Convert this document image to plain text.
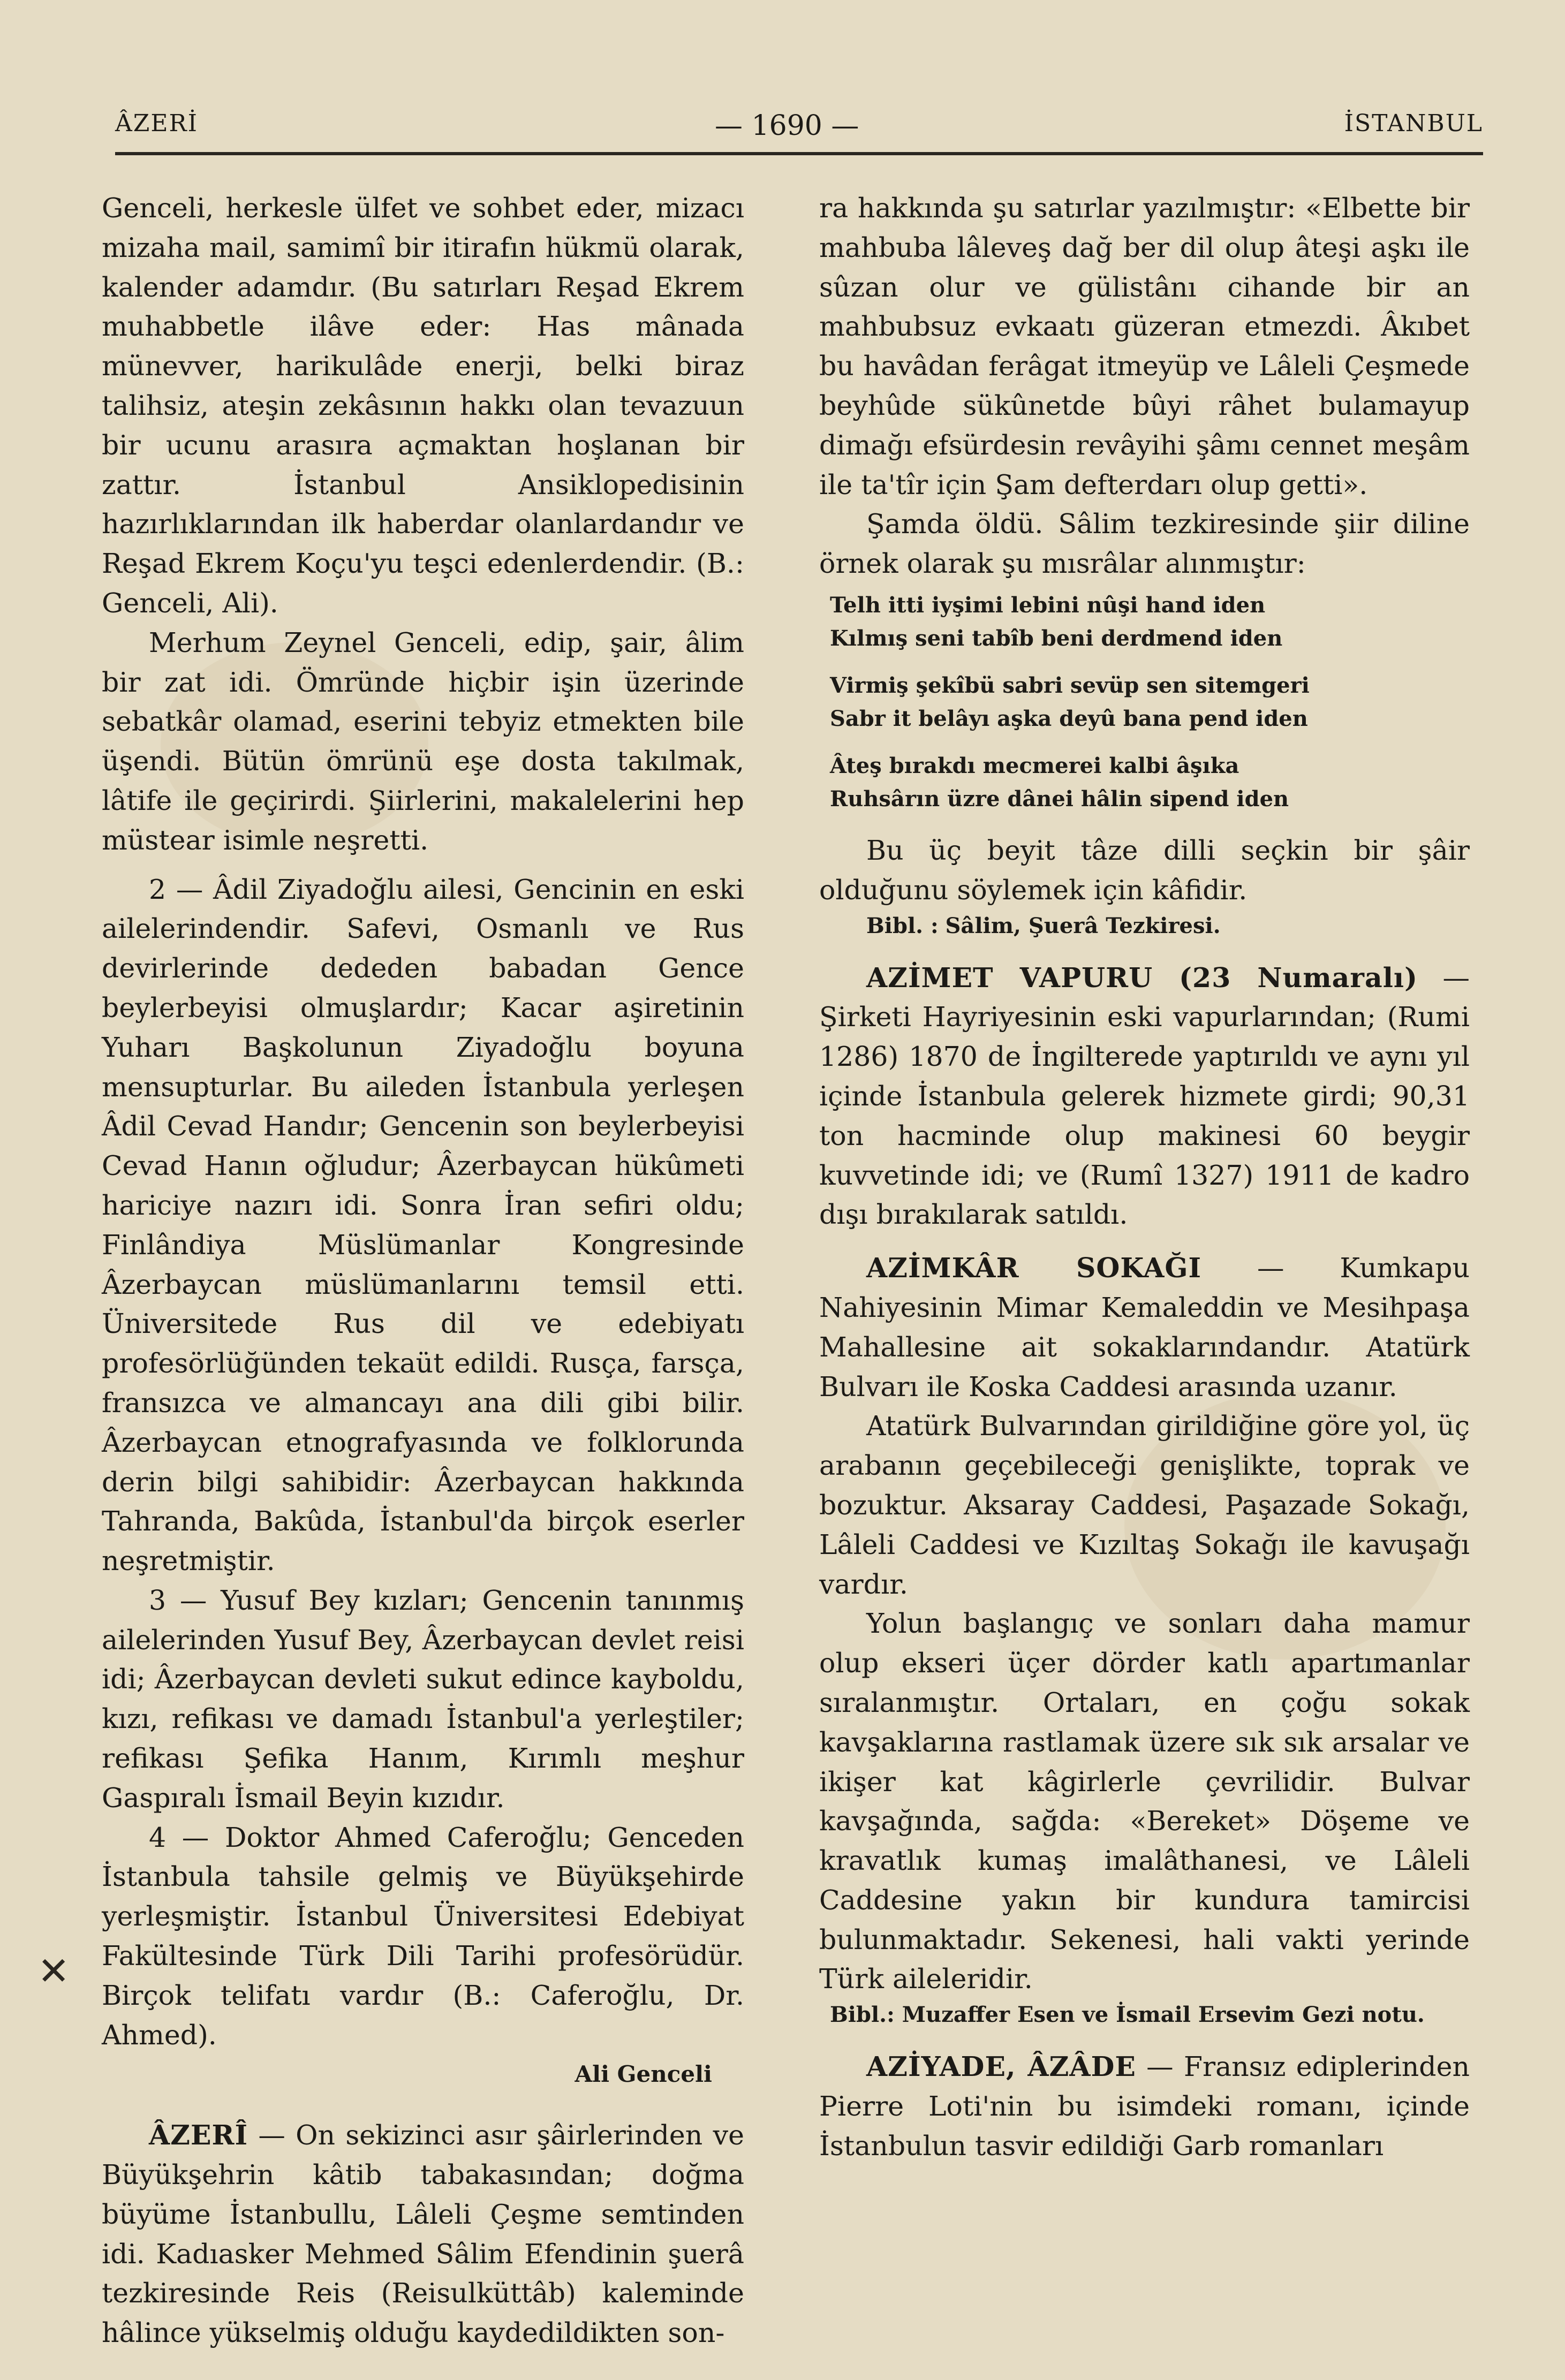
ÂZERİ	— 1690 —	İSTANBUL
✕

Genceli, herkesle ülfet ve sohbet eder, mizacı mizaha mail, samimî bir itirafın hükmü olarak, kalender adamdır. (Bu satırları Reşad Ekrem muhabbetle ilâve eder: Has mânada münevver, harikulâde enerji, belki biraz talihsiz, ateşin zekâsının hakkı olan tevazuun bir ucunu arasıra açmaktan hoşlanan bir zattır. İstanbul Ansiklopedisinin hazırlıklarından ilk haberdar olanlardandır ve Reşad Ekrem Koçu'yu teşci edenlerdendir. (B.: Genceli, Ali).

Merhum Zeynel Genceli, edip, şair, âlim bir zat idi. Ömründe hiçbir işin üzerinde sebatkâr olamad, eserini tebyiz etmekten bile üşendi. Bütün ömrünü eşe dosta takılmak, lâtife ile geçirirdi. Şiirlerini, makalelerini hep müstear isimle neşretti.

2 — Âdil Ziyadoğlu ailesi, Gencinin en eski ailelerindendir. Safevi, Osmanlı ve Rus devirlerinde dededen babadan Gence beylerbeyisi olmuşlardır; Kacar aşiretinin Yuharı Başkolunun Ziyadoğlu boyuna mensupturlar. Bu aileden İstanbula yerleşen Âdil Cevad Handır; Gencenin son beylerbeyisi Cevad Hanın oğludur; Âzerbaycan hükûmeti hariciye nazırı idi. Sonra İran sefiri oldu; Finlândiya Müslümanlar Kongresinde Âzerbaycan müslümanlarını temsil etti. Üniversitede Rus dil ve edebiyatı profesörlüğünden tekaüt edildi. Rusça, farsça, fransızca ve almancayı ana dili gibi bilir. Âzerbaycan etnografyasında ve folklorunda derin bilgi sahibidir: Âzerbaycan hakkında Tahranda, Bakûda, İstanbul'da birçok eserler neşretmiştir.

3 — Yusuf Bey kızları; Gencenin tanınmış ailelerinden Yusuf Bey, Âzerbaycan devlet reisi idi; Âzerbaycan devleti sukut edince kayboldu, kızı, refikası ve damadı İstanbul'a yerleştiler; refikası Şefika Hanım, Kırımlı meşhur Gaspıralı İsmail Beyin kızıdır.

4 — Doktor Ahmed Caferoğlu; Genceden İstanbula tahsile gelmiş ve Büyükşehirde yerleşmiştir. İstanbul Üniversitesi Edebiyat Fakültesinde Türk Dili Tarihi profesörüdür. Birçok telifatı vardır (B.: Caferoğlu, Dr. Ahmed).

Ali Genceli

ÂZERÎ — On sekizinci asır şâirlerinden ve Büyükşehrin kâtib tabakasından; doğma büyüme İstanbullu, Lâleli Çeşme semtinden idi. Kadıasker Mehmed Sâlim Efendinin şuerâ tezkiresinde Reis (Reisulküttâb) kaleminde hâlince yükselmiş olduğu kaydedildikten son-

ra hakkında şu satırlar yazılmıştır: «Elbette bir mahbuba lâleveş dağ ber dil olup âteşi aşkı ile sûzan olur ve gülistânı cihande bir an mahbubsuz evkaatı güzeran etmezdi. Âkıbet bu havâdan ferâgat itmeyüp ve Lâleli Çeşmede beyhûde sükûnetde bûyi râhet bulamayup dimağı efsürdesin revâyihi şâmı cennet meşâm ile ta'tîr için Şam defterdarı olup getti».

Şamda öldü. Sâlim tezkiresinde şiir diline örnek olarak şu mısrâlar alınmıştır:

Telh itti iyşimi lebini nûşi hand iden
Kılmış seni tabîb beni derdmend iden
Virmiş şekîbü sabri sevüp sen sitemgeri
Sabr it belâyı aşka deyû bana pend iden
Âteş bırakdı mecmerei kalbi âşıka
Ruhsârın üzre dânei hâlin sipend iden

Bu üç beyit tâze dilli seçkin bir şâir olduğunu söylemek için kâfidir.

Bibl. : Sâlim, Şuerâ Tezkiresi.

AZİMET VAPURU (23 Numaralı) — Şirketi Hayriyesinin eski vapurlarından; (Rumi 1286) 1870 de İngilterede yaptırıldı ve aynı yıl içinde İstanbula gelerek hizmete girdi; 90,31 ton hacminde olup makinesi 60 beygir kuvvetinde idi; ve (Rumî 1327) 1911 de kadro dışı bırakılarak satıldı.

AZİMKÂR SOKAĞI — Kumkapu Nahiyesinin Mimar Kemaleddin ve Mesihpaşa Mahallesine ait sokaklarındandır. Atatürk Bulvarı ile Koska Caddesi arasında uzanır.

Atatürk Bulvarından girildiğine göre yol, üç arabanın geçebileceği genişlikte, toprak ve bozuktur. Aksaray Caddesi, Paşazade Sokağı, Lâleli Caddesi ve Kızıltaş Sokağı ile kavuşağı vardır.

Yolun başlangıç ve sonları daha mamur olup ekseri üçer dörder katlı apartımanlar sıralanmıştır. Ortaları, en çoğu sokak kavşaklarına rastlamak üzere sık sık arsalar ve ikişer kat kâgirlerle çevrilidir. Bulvar kavşağında, sağda: «Bereket» Döşeme ve kravatlık kumaş imalâthanesi, ve Lâleli Caddesine yakın bir kundura tamircisi bulunmaktadır. Sekenesi, hali vakti yerinde Türk aileleridir.

Bibl.: Muzaffer Esen ve İsmail Ersevim Gezi notu.

AZİYADE, ÂZÂDE — Fransız ediplerinden Pierre Loti'nin bu isimdeki romanı, içinde İstanbulun tasvir edildiği Garb romanları
